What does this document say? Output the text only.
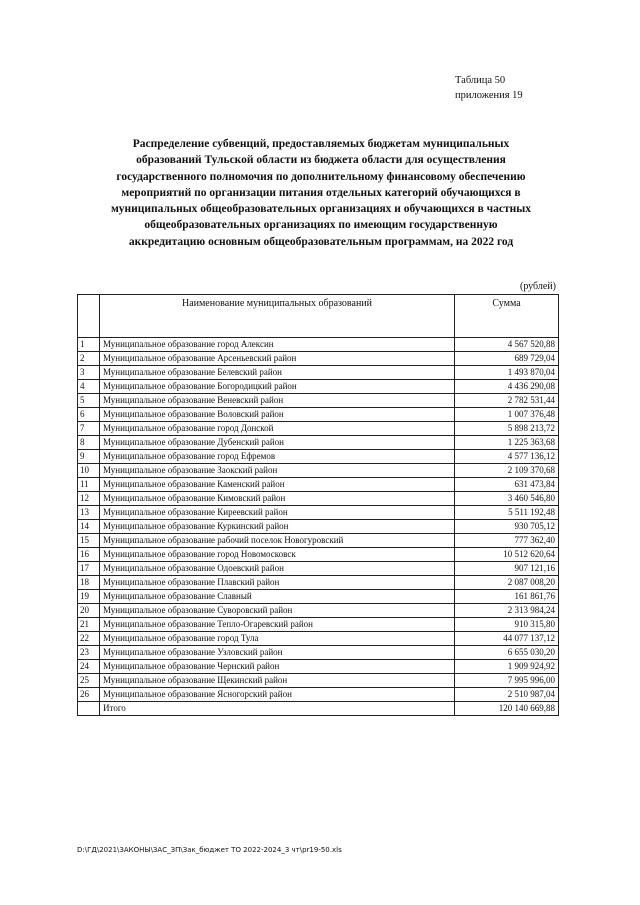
Таблица 50
приложения 19
Распределение субвенций, предоставляемых бюджетам муниципальных
образований Тульской области из бюджета области для осуществления
государственного полномочия по дополнительному финансовому обеспечению
мероприятий по организации питания отдельных категорий обучающихся в
муниципальных общеобразовательных организациях и обучающихся в частных
общеобразовательных организациях по имеющим государственную
аккредитацию основным общеобразовательным программам, на 2022 год
(рублей)
	Наименование муниципальных образований	Сумма
1	Муниципальное образование город Алексин	4 567 520,88
2	Муниципальное образование Арсеньевский район	689 729,04
3	Муниципальное образование Белевский район	1 493 870,04
4	Муниципальное образование Богородицкий район	4 436 290,08
5	Муниципальное образование Веневский район	2 782 531,44
6	Муниципальное образование Воловский район	1 007 376,48
7	Муниципальное образование город Донской	5 898 213,72
8	Муниципальное образование Дубенский район	1 225 363,68
9	Муниципальное образование город Ефремов	4 577 136,12
10	Муниципальное образование Заокский район	2 109 370,68
11	Муниципальное образование Каменский район	631 473,84
12	Муниципальное образование Кимовский район	3 460 546,80
13	Муниципальное образование Киреевский район	5 511 192,48
14	Муниципальное образование Куркинский район	930 705,12
15	Муниципальное образование рабочий поселок Новогуровский	777 362,40
16	Муниципальное образование город Новомосковск	10 512 620,64
17	Муниципальное образование Одоевский район	907 121,16
18	Муниципальное образование Плавский район	2 087 008,20
19	Муниципальное образование Славный	161 861,76
20	Муниципальное образование Суворовский район	2 313 984,24
21	Муниципальное образование Тепло-Огаревский район	910 315,80
22	Муниципальное образование город Тула	44 077 137,12
23	Муниципальное образование Узловский район	6 655 030,20
24	Муниципальное образование Чернский район	1 909 924,92
25	Муниципальное образование Щекинский район	7 995 996,00
26	Муниципальное образование Ясногорский район	2 510 987,04
	Итого	120 140 669,88
D:\ГД\2021\ЗАКОНЫ\ЗАС_ЗП\Зак_бюджет ТО 2022-2024_3 чт\pr19-50.xls
